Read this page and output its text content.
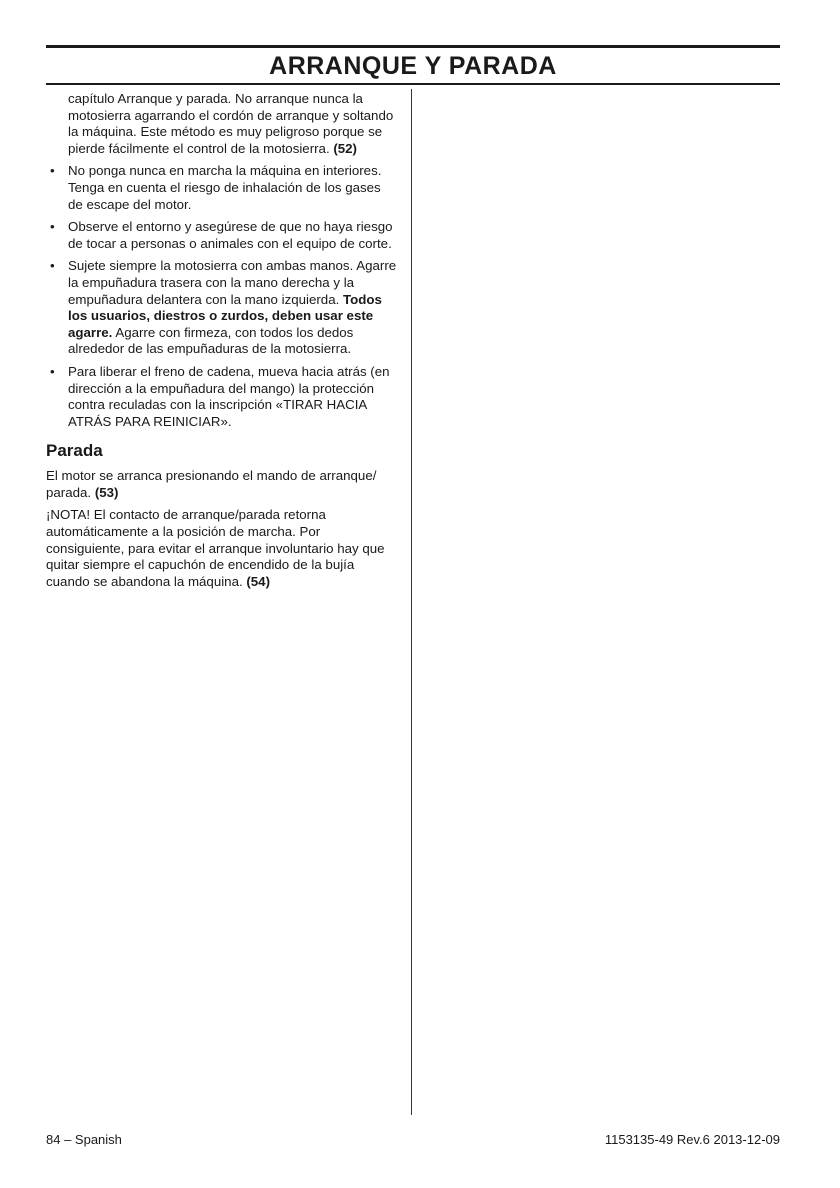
ARRANQUE Y PARADA

capítulo Arranque y parada. No arranque nunca la motosierra agarrando el cordón de arranque y soltando la máquina. Este método es muy peligroso porque se pierde fácilmente el control de la motosierra. (52)

• No ponga nunca en marcha la máquina en interiores. Tenga en cuenta el riesgo de inhalación de los gases de escape del motor.
• Observe el entorno y asegúrese de que no haya riesgo de tocar a personas o animales con el equipo de corte.
• Sujete siempre la motosierra con ambas manos. Agarre la empuñadura trasera con la mano derecha y la empuñadura delantera con la mano izquierda. Todos los usuarios, diestros o zurdos, deben usar este agarre. Agarre con firmeza, con todos los dedos alrededor de las empuñaduras de la motosierra.
• Para liberar el freno de cadena, mueva hacia atrás (en dirección a la empuñadura del mango) la protección contra reculadas con la inscripción «TIRAR HACIA ATRÁS PARA REINICIAR».
Parada

El motor se arranca presionando el mando de arranque/ parada. (53)

¡NOTA! El contacto de arranque/parada retorna automáticamente a la posición de marcha. Por consiguiente, para evitar el arranque involuntario hay que quitar siempre el capuchón de encendido de la bujía cuando se abandona la máquina. (54)

84 – Spanish	1153135-49 Rev.6 2013-12-09
